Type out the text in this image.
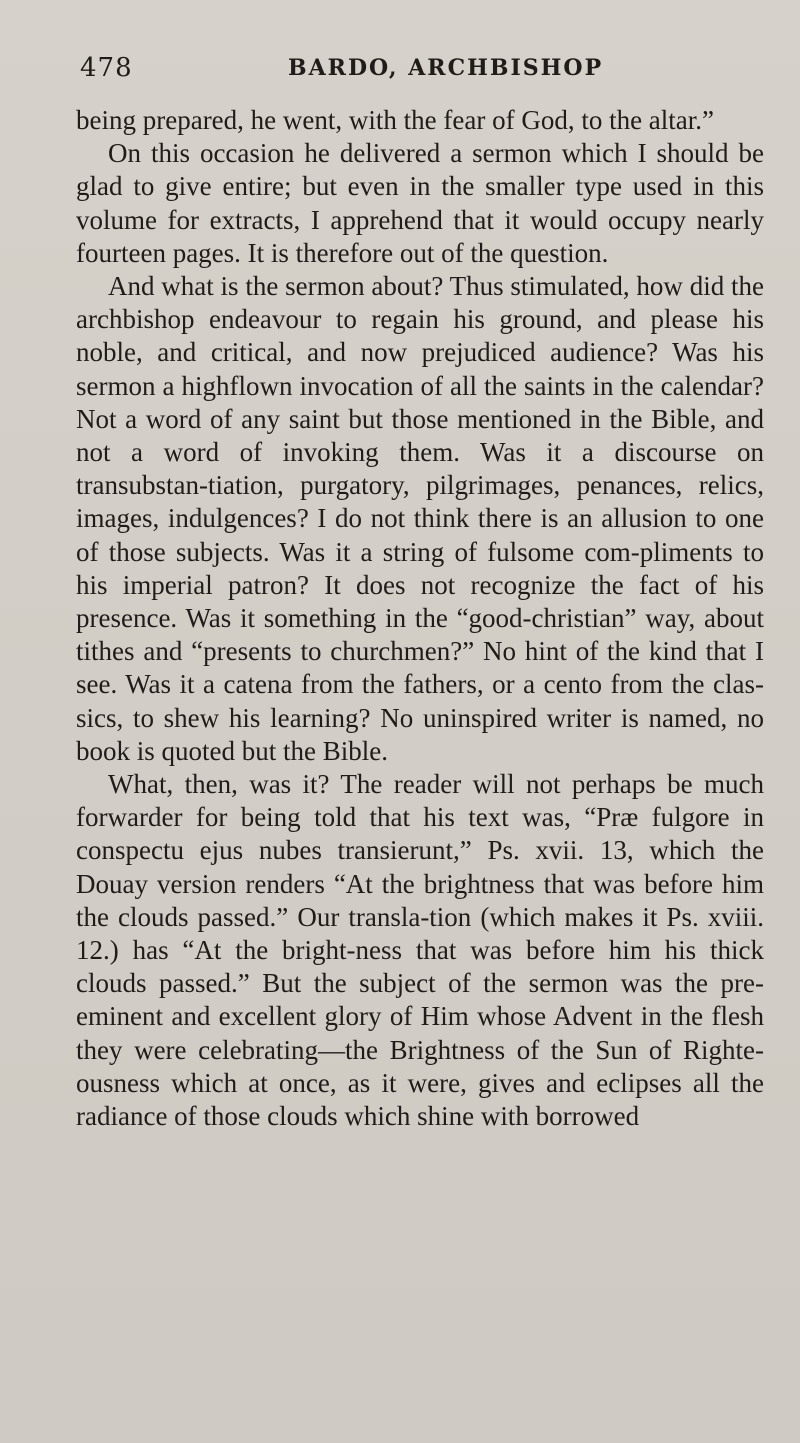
478	BARDO, ARCHBISHOP

being prepared, he went, with the fear of God, to the altar.”

On this occasion he delivered a sermon which I should be glad to give entire; but even in the smaller type used in this volume for extracts, I apprehend that it would occupy nearly fourteen pages. It is therefore out of the question.

And what is the sermon about? Thus stimulated, how did the archbishop endeavour to regain his ground, and please his noble, and critical, and now prejudiced audience? Was his sermon a highflown invocation of all the saints in the calendar? Not a word of any saint but those mentioned in the Bible, and not a word of invoking them. Was it a discourse on transubstan-tiation, purgatory, pilgrimages, penances, relics, images, indulgences? I do not think there is an allusion to one of those subjects. Was it a string of fulsome com-pliments to his imperial patron? It does not recognize the fact of his presence. Was it something in the “good-christian” way, about tithes and “presents to churchmen?” No hint of the kind that I see. Was it a catena from the fathers, or a cento from the clas-sics, to shew his learning? No uninspired writer is named, no book is quoted but the Bible.

What, then, was it? The reader will not perhaps be much forwarder for being told that his text was, “Præ fulgore in conspectu ejus nubes transierunt,” Ps. xvii. 13, which the Douay version renders “At the brightness that was before him the clouds passed.” Our transla-tion (which makes it Ps. xviii. 12.) has “At the bright-ness that was before him his thick clouds passed.” But the subject of the sermon was the pre-eminent and excellent glory of Him whose Advent in the flesh they were celebrating—the Brightness of the Sun of Righte-ousness which at once, as it were, gives and eclipses all the radiance of those clouds which shine with borrowed
